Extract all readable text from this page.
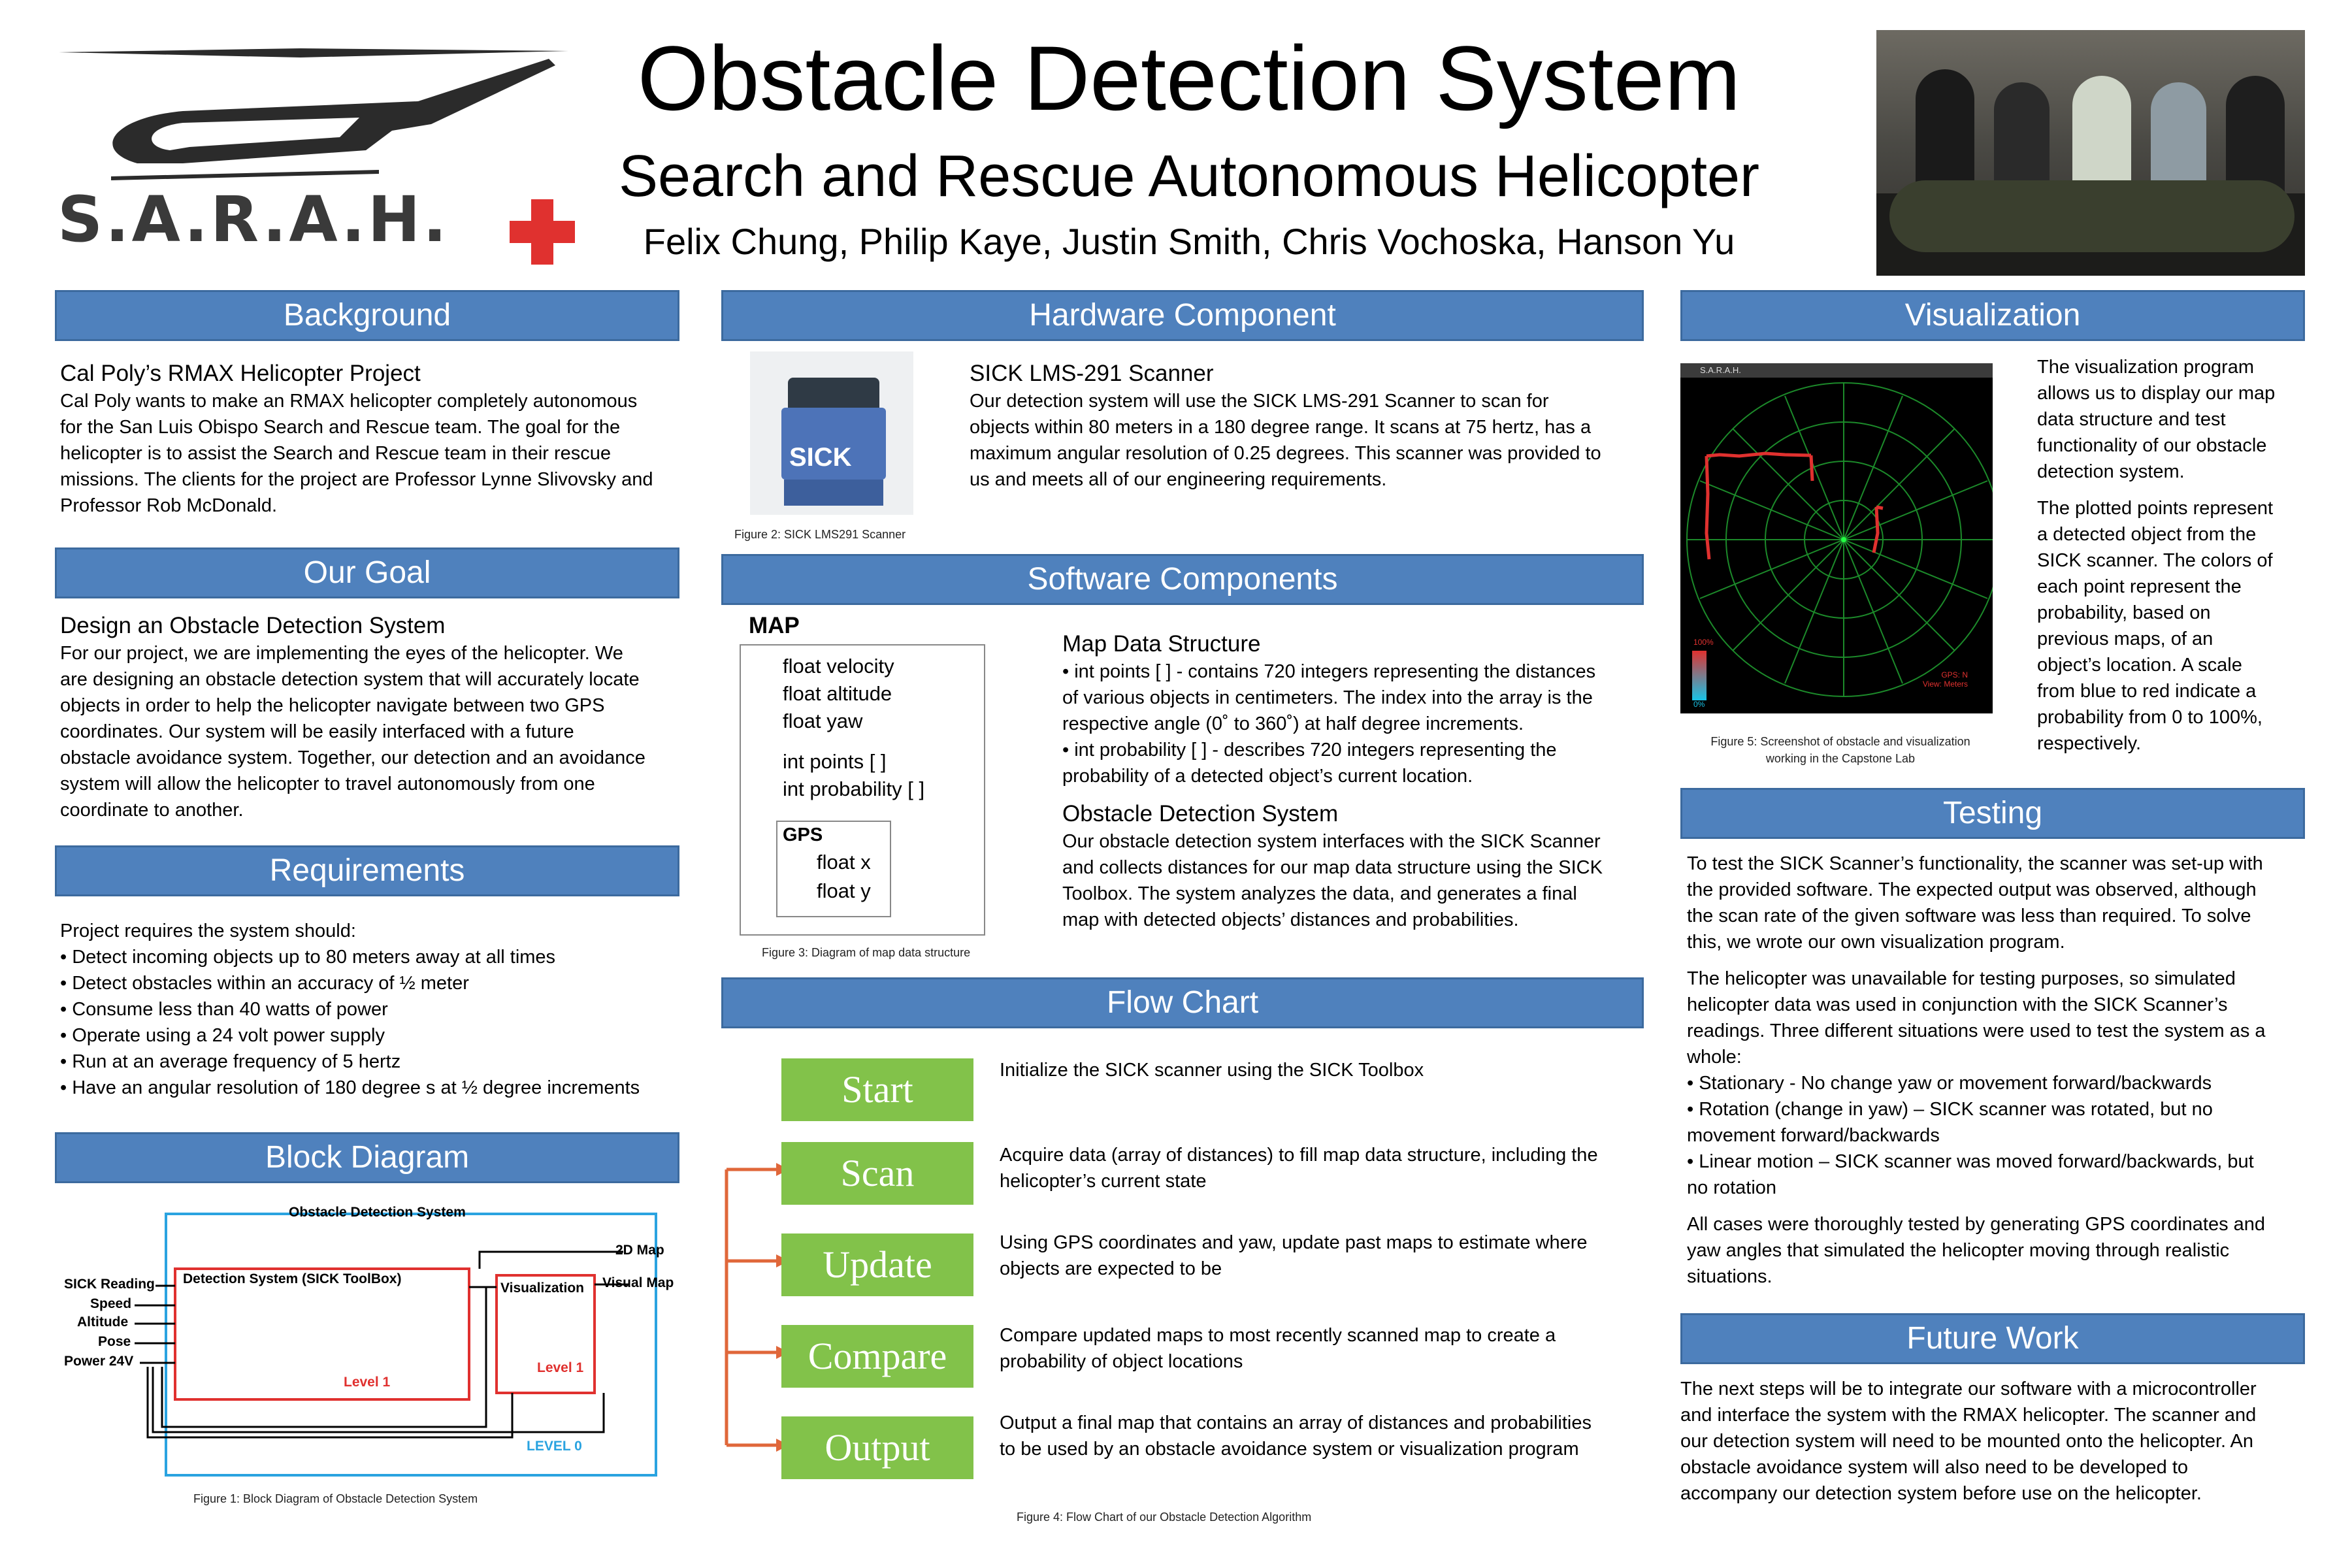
S.A.R.A.H.
Obstacle Detection System
Search and Rescue Autonomous Helicopter
Felix Chung, Philip Kaye, Justin Smith, Chris Vochoska, Hanson Yu
Background
Cal Poly’s RMAX Helicopter Project
Cal Poly wants to make an RMAX helicopter completely autonomous
for the San Luis Obispo Search and Rescue team. The goal for the
helicopter is to assist the Search and Rescue team in their rescue
missions. The clients for the project are Professor Lynne Slivovsky and
Professor Rob McDonald.
Our Goal
Design an Obstacle Detection System
For our project, we are implementing the eyes of the helicopter. We
are designing an obstacle detection system that will accurately locate
objects in order to help the helicopter navigate between two GPS
coordinates. Our system will be easily interfaced with a future
obstacle avoidance system. Together, our detection and an avoidance
system will allow the helicopter to travel autonomously from one
coordinate to another.
Requirements
Project requires the system should:
• Detect incoming objects up to 80 meters away at all times
• Detect obstacles within an accuracy of ½ meter
• Consume less than 40 watts of power
• Operate using a 24 volt power supply
• Run at an average frequency of 5 hertz
• Have an angular resolution of 180 degree s at ½ degree increments
Block Diagram
Obstacle Detection System
Detection System (SICK ToolBox)
Visualization
SICK Reading
Speed
Altitude
Pose
Power 24V
2D Map
Visual Map
Level 1
Level 1
LEVEL 0
Figure 1: Block Diagram of Obstacle Detection System
Hardware Component
SICK
Figure 2: SICK LMS291 Scanner
SICK LMS-291 Scanner
Our detection system will use the SICK LMS-291 Scanner to scan for
objects within 80 meters in a 180 degree range. It scans at 75 hertz, has a
maximum angular resolution of 0.25 degrees. This scanner was provided to
us and meets all of our engineering requirements.
Software Components
MAP
float velocity
float altitude
float yaw
int points [ ]
int probability [ ]
GPS
float x
float y
Figure 3: Diagram of map data structure
Map Data Structure
• int points [ ] - contains 720 integers representing the distances
of various objects in centimeters. The index into the array is the
respective angle (0˚ to 360˚) at half degree increments.
• int probability [ ] - describes 720 integers representing the
probability of a detected object’s current location.
Obstacle Detection System
Our obstacle detection system interfaces with the SICK Scanner
and collects distances for our map data structure using the SICK
Toolbox. The system analyzes the data, and generates a final
map with detected objects’ distances and probabilities.
Flow Chart
Start
Scan
Update
Compare
Output
Initialize the SICK scanner using the SICK Toolbox
Acquire data (array of distances) to fill map data structure, including the
helicopter’s current state
Using GPS coordinates and yaw, update past maps to estimate where
objects are expected to be
Compare updated maps to most recently scanned map to create a
probability of object locations
Output a final map that contains an array of distances and probabilities
to be used by an obstacle avoidance system or visualization program
Figure 4: Flow Chart of our Obstacle Detection Algorithm
Visualization
S.A.R.A.H.
100%
0%
GPS: N
View: Meters
Figure 5: Screenshot of obstacle and visualization
working in the Capstone Lab
The visualization program
allows us to display our map
data structure and test
functionality of our obstacle
detection system.
The plotted points represent
a detected object from the
SICK scanner. The colors of
each point represent the
probability, based on
previous maps, of an
object’s location. A scale
from blue to red indicate a
probability from 0 to 100%,
respectively.
Testing
To test the SICK Scanner’s functionality, the scanner was set-up with
the provided software. The expected output was observed, although
the scan rate of the given software was less than required. To solve
this, we wrote our own visualization program.
The helicopter was unavailable for testing purposes, so simulated
helicopter data was used in conjunction with the SICK Scanner’s
readings. Three different situations were used to test the system as a
whole:
• Stationary - No change yaw or movement forward/backwards
• Rotation (change in yaw) – SICK scanner was rotated, but no
movement forward/backwards
• Linear motion – SICK scanner was moved forward/backwards, but
no rotation
All cases were thoroughly tested by generating GPS coordinates and
yaw angles that simulated the helicopter moving through realistic
situations.
Future Work
The next steps will be to integrate our software with a microcontroller
and interface the system with the RMAX helicopter. The scanner and
our detection system will need to be mounted onto the helicopter. An
obstacle avoidance system will also need to be developed to
accompany our detection system before use on the helicopter.
